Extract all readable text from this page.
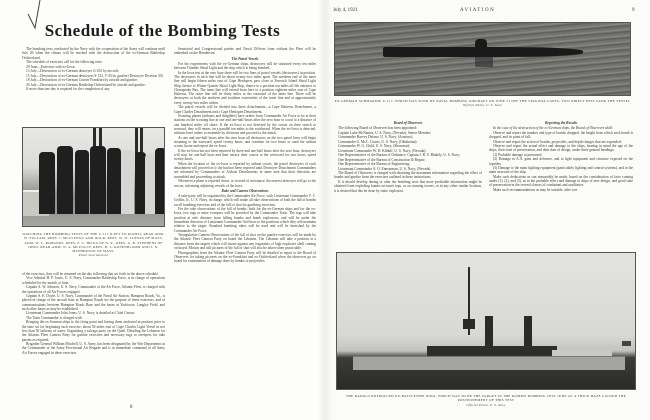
Schedule of the Bombing Tests

The bombing tests conducted by the Navy with the cooperation of the Army will continue until July 20 when the climax will be reached with the destruction of the ex-German Battleship Ostfriesland.

The schedule of exercises call for the following tests:

29 June—Exercises with ex-Iowa;

13 July—Destruction of ex-German destroyer G-102 by aircraft;

15 July—Destruction of ex-German destroyers S-132, V-43 by gunfire (Destroyer Division 30).

18 July—Destruction of ex-German Cruiser Frankfurt by aircraft and gunfire;

20 July—Destruction of ex-German Battleship Ostfriesland by aircraft and gunfire.

If more than one day is required for the completion of any

WATCHING THE BOMBING TESTS OF THE U-117 (LEFT TO RIGHT): REAR ADM. W. FULLAM, REPS. J. MCCLINTIC AND OGLR, REPS. W. W. LUFKIN OF MASS, ADM. W. L. RODGERS, REPS. F. C. HICKS OF N. Y., REPS. A. B. STEPHENS OF OHIO, REAR-ADM. N. A. MCCULLY, REPS. B. L. ROSENBLOOM AND I. N. MCPHERSON OF MASS.
Photo International

of the exercises, they will be resumed on the day following that set forth in the above schedule.

Vice Admiral H. P. Jones, U. S. Navy, Commander Battleship Force, is in charge of operations scheduled for the month of June.

Captain A. W. Johnson, U. S. Navy, Commander of the Air Force, Atlantic Fleet, is charged with the operations of all Air Forces engaged.

Captain S. E. Doyle, U. S. Navy, Commander of the Naval Air Station, Hampton Roads, Va., is placed in charge of the aircraft base at Hampton Roads for the purpose of these exercises, and of communications between Hampton Roads Base and the bases at Yorktown, Langley Field, and such other bases as may be established.

Lieutenant Commander John Jones, U. S. Navy, is detailed as Chief Censor.

The Train Commander is charged with:

Bringing the ex-German ships to the firing point and having them anchored in position prior to the time set for beginning each exercise, about 50 miles east of Cape Charles Light Vessel in not less than 50 fathoms of water. Organizing a salvage party on the Quail. Detailing the Lebanon for the Atlantic Fleet Camera Party for gunfire exercises and necessary tugs or sweepers for rake parties as required.

Brigadier General William Mitchell, U. S. Army, has been designated by the War Department as the Commander of the Army Provisional Air Brigade and is in immediate command of all Army Air Forces engaged in these exercises.

Senatorial and Congressional parties and Naval Officers from without the Fleet will be embarked on the Henderson.

The Patrol Vessels

For the experiments with the ex-German ships, destroyers will be stationed every ten miles between Thimble Shoal Light and the ship which is being bombed.

In the Iowa test at the zero hour there will be two lines of patrol vessels (destroyers) in position. The destroyers in each line will be about twenty-two miles apart. The northern end of the inner line will begin fifteen miles east of Cape Henlopen, pass close to Fenwick Island Shoal Light Ship, thence to Winter Quarter Shoal Light Ship, thence to a position ten miles off the entrance to Chesapeake Bay. The inner line will extend from here to a position eighteen miles east of Cape Hatteras. The outer line will be thirty miles to the eastward of the inner line. There will be destroyers at both the northern and southern extremities of the inner line and at approximately every twenty-two miles within.

The patrol vessels will be divided into three detachments—a Cape Hatteras Detachment, a Cape Charles Detachment and a Cape Henlopen Detachment.

Scouting planes (airboats and dirigibles) have orders from Commander Air Force to be at their stations on the scouting line at one and one-half hours after the zero hour to scout to a distance of one hundred miles off shore. If the ex-Iowa is not detected by the scouts on their search to seaward, they will return, on a parallel ten miles to the southward. When the ex-Iowa is detected, airboats have orders to assemble by divisions and proceed to the attack.

At one and one-half hours after the zero hour all destroyers on the two patrol lines will begin steaming to the eastward, speed twenty knots, and continue for two hours or until the airboat scouts locate and report the ex-Iowa.

If the ex-Iowa has not been reported by three and one-half hours after the zero hour, destroyers will stop for one-half hour and then retrace their course to the westward for two hours, speed twenty knots.

When the location of the ex-Iowa is reported by airboat scouts, the patrol destroyers of each detachment will proceed as if she had not been reported until Destroyer Detachment Commanders are informed by Commanders of Airboat Detachments in same area that their divisions are assembled and proceeding to attack.

Whenever a plane is reported down, or in need of assistance, the nearest destroyer will go to the rescue, informing adjoining vessels of the force.

Rake and Camera Observations

A rake party will be organized by the Commander Air Force, with Lieutenant Commander V. C. Griffin, Jr., U. S. Navy, in charge, which will make all rake observations of both the fall of bombs on all bombing exercises and of the fall of shot for gunfiring exercises.

For the rake observations of the fall of bombs, both for the ex-German ships and for the ex-Iowa, two tugs or mine sweepers will be provided by the Commander Train. The tugs will take position at safe distance from falling bombs and bomb explosions, and will be under the immediate direction of Lieutenant Commander Griffin as to the positions which they will maintain relative to the target. Standard bombing rakes will be used and will be furnished by the Commander Air Force.

Triangulation Camera Observations of the fall of shot on the gunfire exercises will be made by the Atlantic Fleet Camera Party on board the Lebanon. The Lebanon will take a position at a distance from the targets which will insure against any fragments of high explosive shell coming on board. Motion and still pictures of the fall of shot will also be taken when practicable.

Photographers from the Atlantic Fleet Camera Party will be detailed to report to the Board of Observers for taking pictures on the ex-Frankfurt and ex-Ostfriesland when the observers go on board for examination of damage done by bombs or projectiles.

8
July 4, 1921	AVIATION	9
EX-GERMAN SUBMARINE U-117, WHICH WAS SUNK BY NAVAL BOMBING AIRCRAFT ON JUNE 21 OFF THE VIRGINIA CAPES. TWO DIRECT HITS SANK THE VESSEL
Official Photo, U. S. Navy

Board of Observers

The following Board of Observers has been appointed:

Captain Luke McNamee, U. S. Navy, (Nevada), Senior Member;

Commander Harvey Delano, U. S. Navy, (Arizona);

Commander G. McC. Courts, U. S. Navy, (Oklahoma);

Commander W. G. Child, U. S. Navy, (Shawmut);

Lieutenant Commander W. D. Kilduff, U. S. Navy, (Nevada);

One Representative of the Bureau of Ordnance; Captain J. R. Y. Blakely, U. S. Navy;

One Representative of the Bureau of Construction & Repair;

One Representative of the Bureau of Engineering;

Lieutenant Commander A. O. Ennserman, U. S. Navy, (Nevada).

The Board of Observers is charged with obtaining the maximum information regarding the effect of bombs and gunfire from the exercises outlined in these instructions.

If it should develop during or after the bombing tests that more profitable information might be obtained from exploding bombs on turret tops, or on conning towers, or in any other similar location, it is desired that this be done by static explosion.

Reporting the Results

In the case of the destruction of the ex-German ships, the Board of Observers shall:

Observe and report the number and type of bombs dropped, the height from which each bomb is dropped, and its point of fall;

Observe and report the action of bombs, projectiles, and depth charges that are expended;

Observe and report the actual effect and damage to the ships, bearing in mind the age of the ships, their state of preservation, and their date of design, under three general headings:

(1) Probable damage to personnel,

(2) Damage to A.A. guns and defenses, and to light equipment and structure exposed on the topsides.

(3) Damage to the main fighting equipment (particularly lighting and control systems), and to the main structure of the ship.

Make such deductions as can reasonably be made, based on the consideration of facts coming under (1), (2), and (3), as to the probable effect and damage to ships of new design, and good state of preservation in the several classes of combatant and auxiliaries.

Make such recommendations as may be suitable, after con-

THE RADIO-CONTROLLED EX-BATTLESHIP IOWA, WHICH WAS TO BE THE TARGET IN THE DUMMY BOMBING TEST JUNE 29. A THICK HAZE CAUSED THE POSTPONEMENT OF THIS TEST
Official Photo, U. S. Navy
